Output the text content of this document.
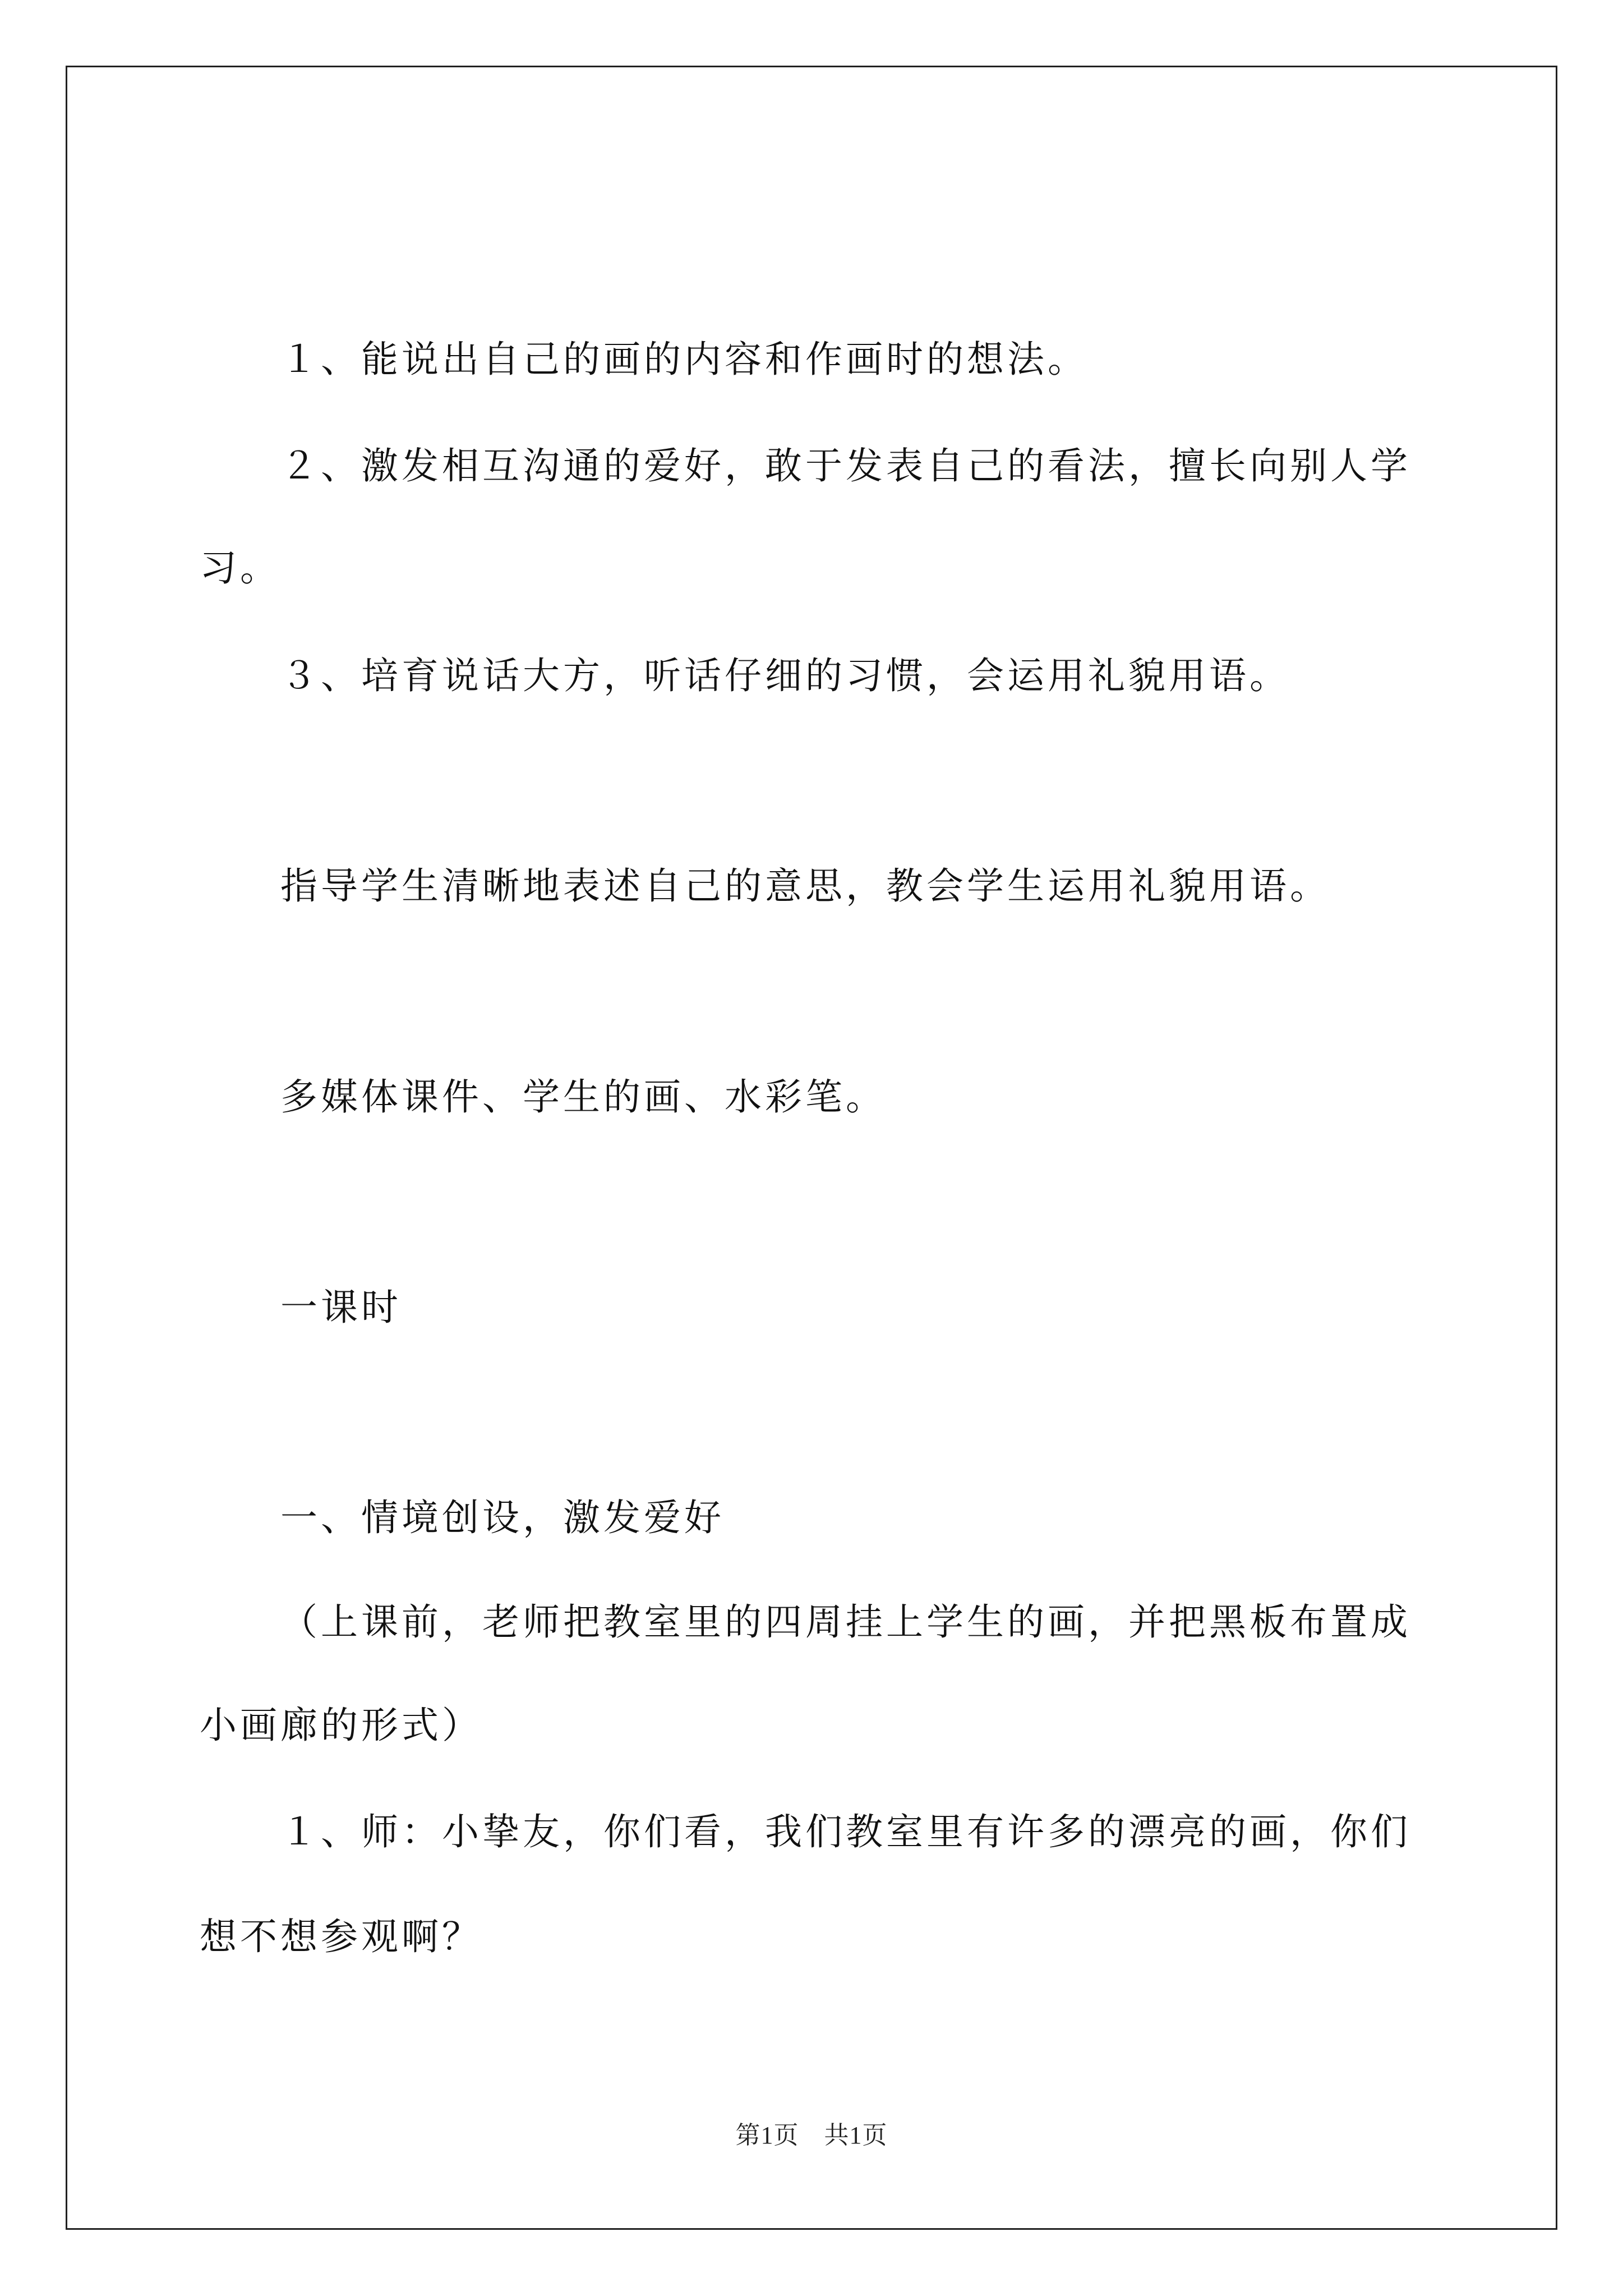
１、能说出自己的画的内容和作画时的想法。
２、激发相互沟通的爱好，敢于发表自己的看法，擅长向别人学
习。
３、培育说话大方，听话仔细的习惯，会运用礼貌用语。
指导学生清晰地表述自己的意思，教会学生运用礼貌用语。
多媒体课件、学生的画、水彩笔。
一课时
一、情境创设，激发爱好
（上课前，老师把教室里的四周挂上学生的画，并把黑板布置成
小画廊的形式）
１、师：小挚友，你们看，我们教室里有许多的漂亮的画，你们
想不想参观啊？
第1页　共1页
